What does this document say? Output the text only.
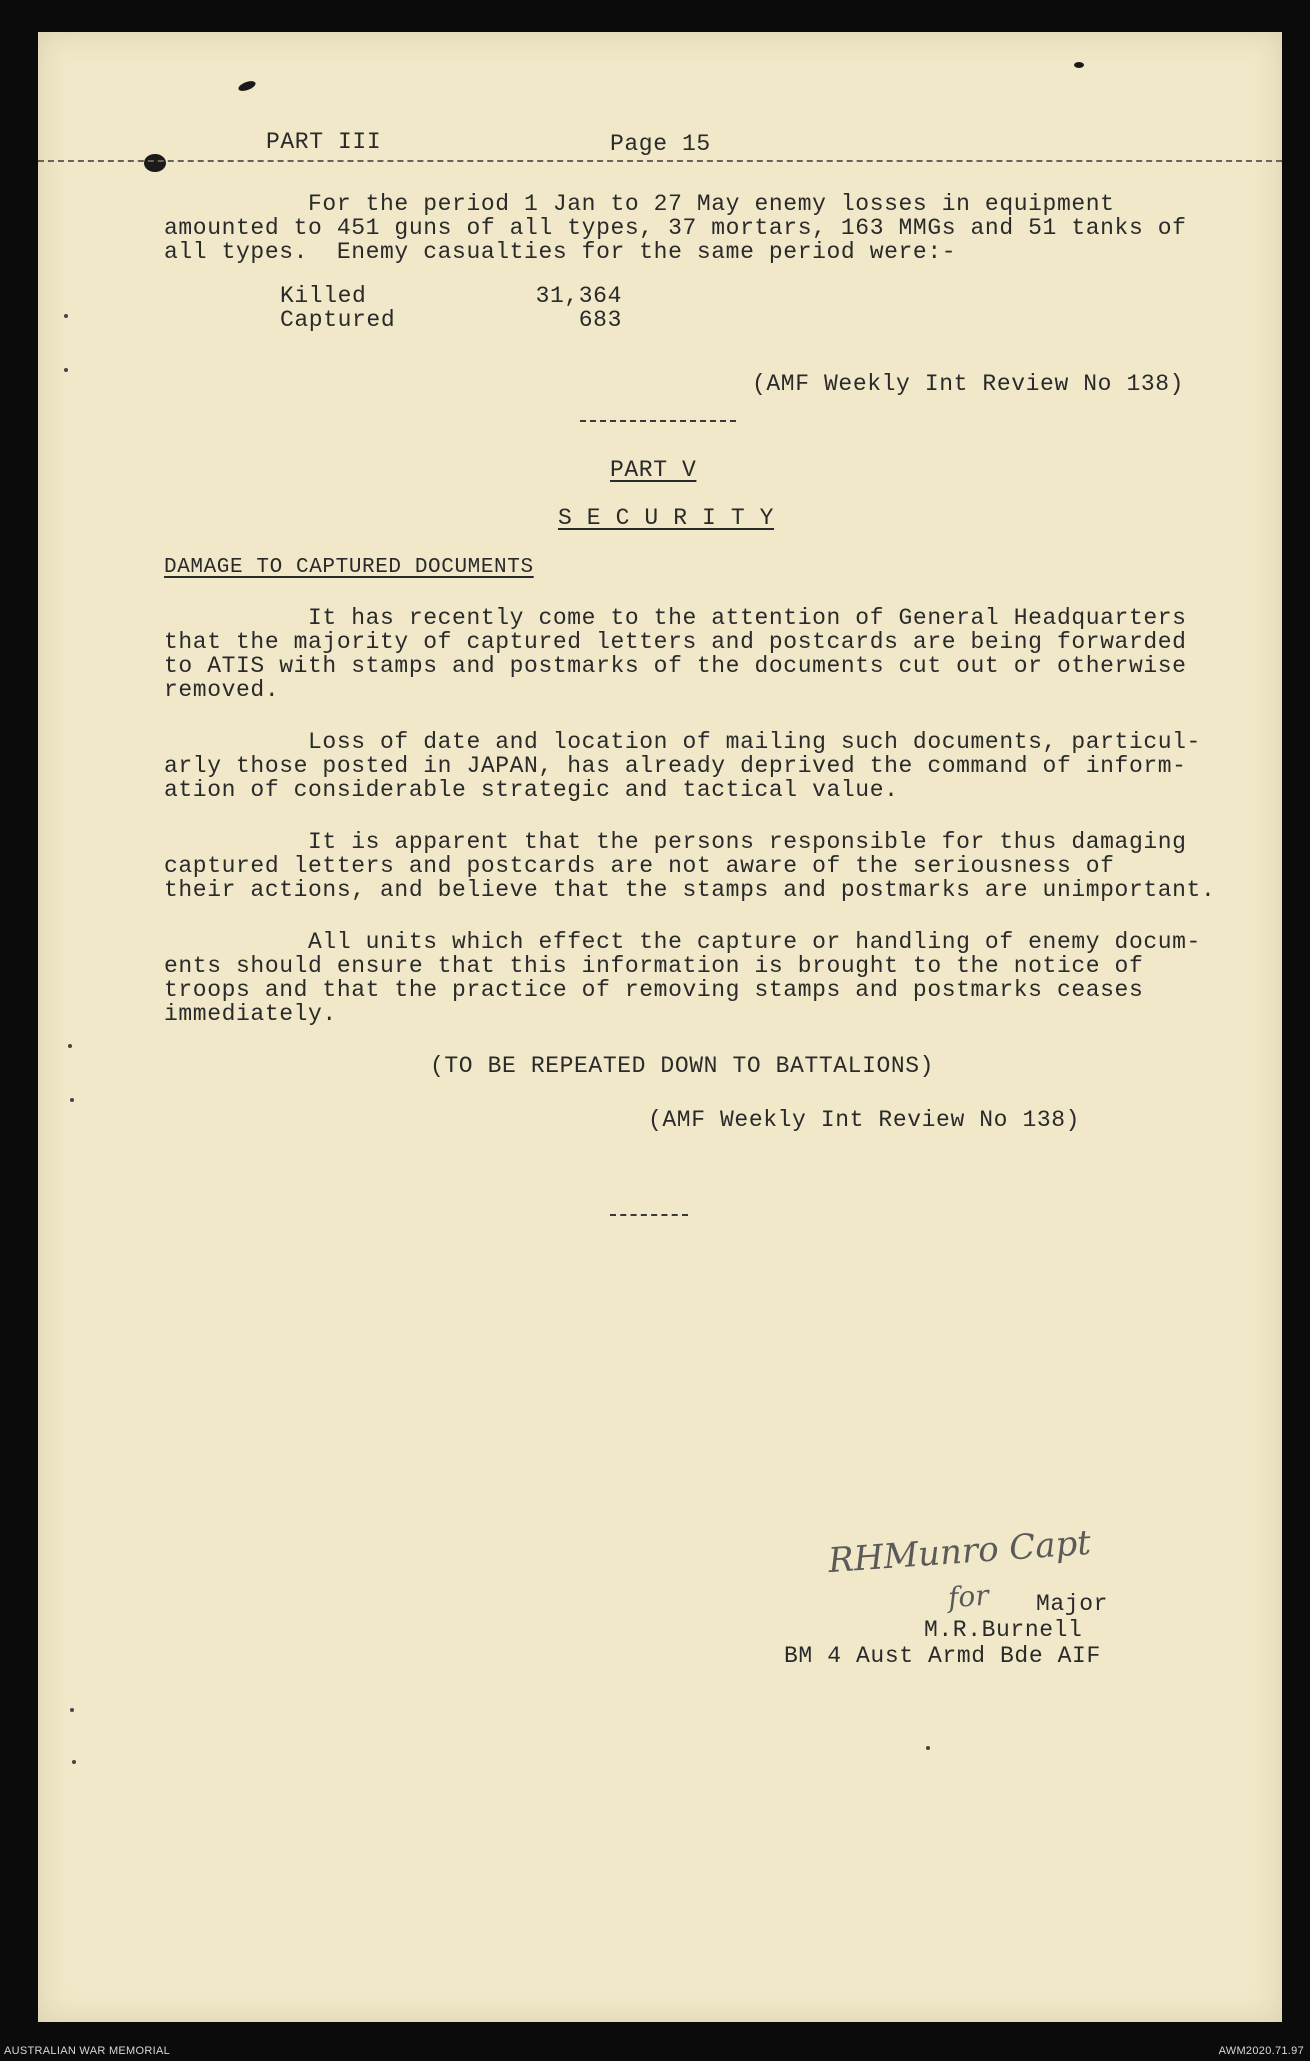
PART III	Page 15
For the period 1 Jan to 27 May enemy losses in equipment
amounted to 451 guns of all types, 37 mortars, 163 MMGs and 51 tanks of
all types.  Enemy casualties for the same period were:-
Killed	31,364
Captured	683
(AMF Weekly Int Review No 138)
PART V
S E C U R I T Y
DAMAGE TO CAPTURED DOCUMENTS
It has recently come to the attention of General Headquarters
that the majority of captured letters and postcards are being forwarded
to ATIS with stamps and postmarks of the documents cut out or otherwise
removed.
Loss of date and location of mailing such documents, particul-
arly those posted in JAPAN, has already deprived the command of inform-
ation of considerable strategic and tactical value.
It is apparent that the persons responsible for thus damaging
captured letters and postcards are not aware of the seriousness of
their actions, and believe that the stamps and postmarks are unimportant.
All units which effect the capture or handling of enemy docum-
ents should ensure that this information is brought to the notice of
troops and that the practice of removing stamps and postmarks ceases
immediately.
(TO BE REPEATED DOWN TO BATTALIONS)
(AMF Weekly Int Review No 138)
RHMunro Capt
for Major
M.R.Burnell
BM 4 Aust Armd Bde AIF
AUSTRALIAN WAR MEMORIAL	AWM2020.71.97
